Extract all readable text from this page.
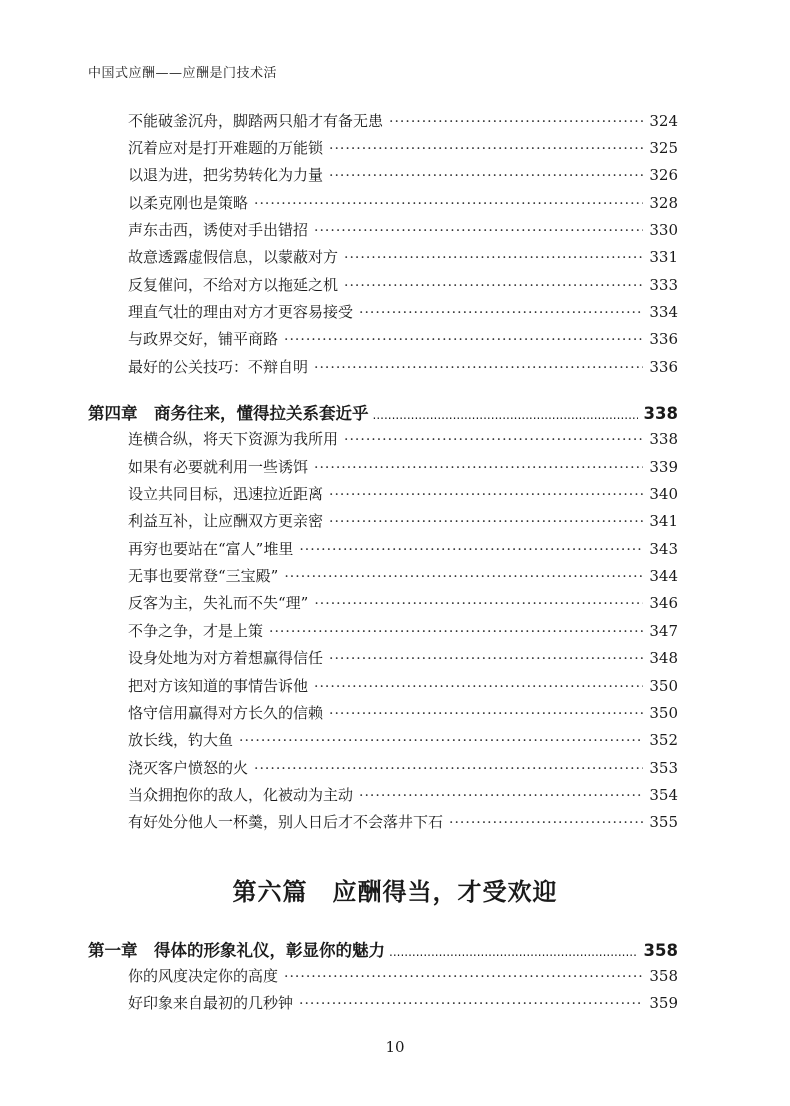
中国式应酬——应酬是门技术活
不能破釜沉舟，脚踏两只船才有备无患 ·····	324
沉着应对是打开难题的万能锁 ·····	325
以退为进，把劣势转化为力量 ·····	326
以柔克刚也是策略 ·····	328
声东击西，诱使对手出错招 ·····	330
故意透露虚假信息，以蒙蔽对方 ·····	331
反复催问，不给对方以拖延之机 ·····	333
理直气壮的理由对方才更容易接受 ·····	334
与政界交好，铺平商路 ·····	336
最好的公关技巧：不辩自明 ·····	336
第四章　商务往来，懂得拉关系套近乎 .....	338
连横合纵，将天下资源为我所用 ·····	338
如果有必要就利用一些诱饵 ·····	339
设立共同目标，迅速拉近距离 ·····	340
利益互补，让应酬双方更亲密 ·····	341
再穷也要站在“富人”堆里 ·····	343
无事也要常登“三宝殿” ·····	344
反客为主，失礼而不失“理” ·····	346
不争之争，才是上策 ·····	347
设身处地为对方着想赢得信任 ·····	348
把对方该知道的事情告诉他 ·····	350
恪守信用赢得对方长久的信赖 ·····	350
放长线，钓大鱼 ·····	352
浇灭客户愤怒的火 ·····	353
当众拥抱你的敌人，化被动为主动 ·····	354
有好处分他人一杯羹，别人日后才不会落井下石 ·····	355
第六篇　应酬得当，才受欢迎
第一章　得体的形象礼仪，彰显你的魅力 .....	358
你的风度决定你的高度 ·····	358
好印象来自最初的几秒钟 ·····	359
10
